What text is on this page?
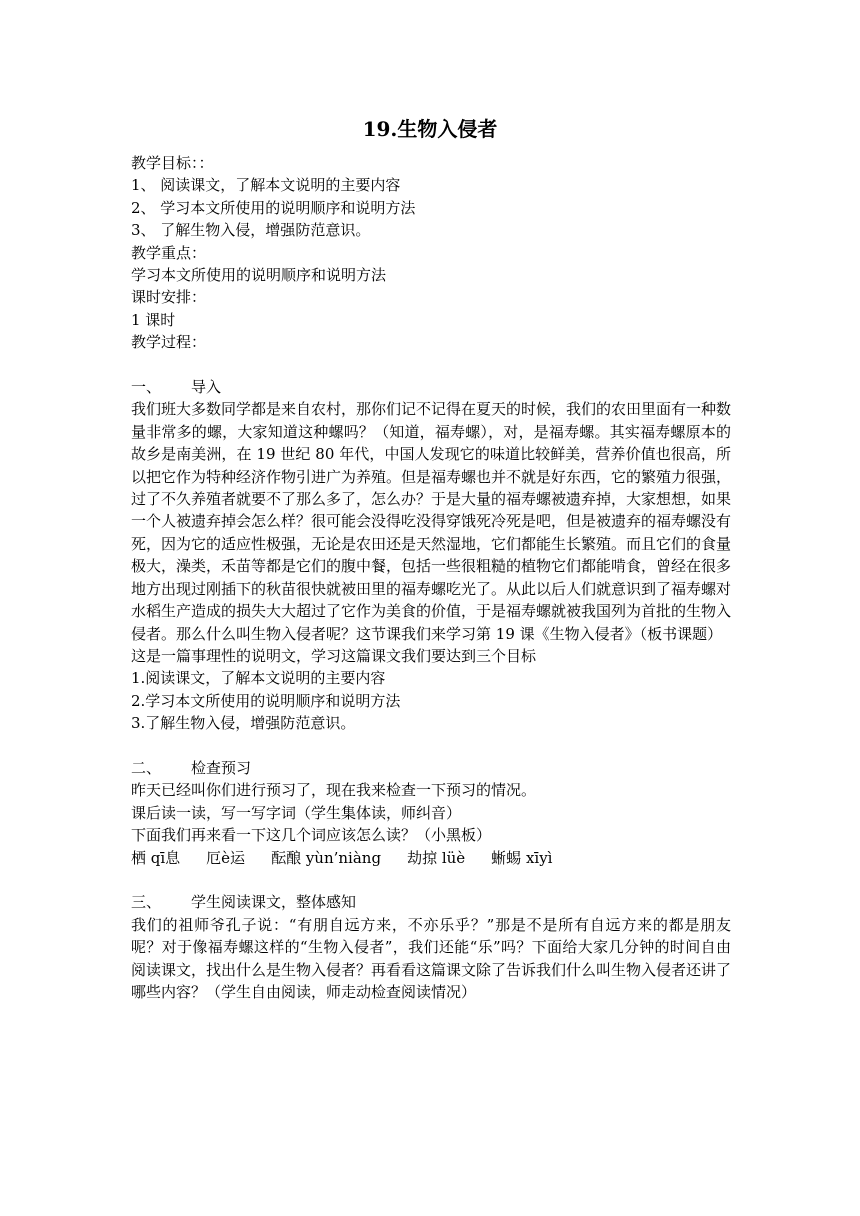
19.生物入侵者
教学目标：：
1、 阅读课文，了解本文说明的主要内容
2、 学习本文所使用的说明顺序和说明方法
3、 了解生物入侵，增强防范意识。
教学重点：
学习本文所使用的说明顺序和说明方法
课时安排：
1 课时
教学过程：
一、 导入
我们班大多数同学都是来自农村，那你们记不记得在夏天的时候，我们的农田里面有一种数量非常多的螺，大家知道这种螺吗？（知道，福寿螺），对，是福寿螺。其实福寿螺原本的故乡是南美洲，在 19 世纪 80 年代，中国人发现它的味道比较鲜美，营养价值也很高，所以把它作为特种经济作物引进广为养殖。但是福寿螺也并不就是好东西，它的繁殖力很强，过了不久养殖者就要不了那么多了，怎么办？于是大量的福寿螺被遗弃掉，大家想想，如果一个人被遗弃掉会怎么样？很可能会没得吃没得穿饿死冷死是吧，但是被遗弃的福寿螺没有死，因为它的适应性极强，无论是农田还是天然湿地，它们都能生长繁殖。而且它们的食量极大，澡类，禾苗等都是它们的腹中餐，包括一些很粗糙的植物它们都能啃食，曾经在很多地方出现过刚插下的秋苗很快就被田里的福寿螺吃光了。从此以后人们就意识到了福寿螺对水稻生产造成的损失大大超过了它作为美食的价值，于是福寿螺就被我国列为首批的生物入侵者。那么什么叫生物入侵者呢？这节课我们来学习第 19 课《生物入侵者》（板书课题）
这是一篇事理性的说明文，学习这篇课文我们要达到三个目标
1.阅读课文，了解本文说明的主要内容
2.学习本文所使用的说明顺序和说明方法
3.了解生物入侵，增强防范意识。
二、 检查预习
昨天已经叫你们进行预习了，现在我来检查一下预习的情况。
课后读一读，写一写字词（学生集体读，师纠音）
下面我们再来看一下这几个词应该怎么读？（小黑板）
栖 qī息 厄è运 酝酿 yùn’niàng 劫掠 lüè 蜥蜴 xīyì
三、 学生阅读课文，整体感知
我们的祖师爷孔子说：“有朋自远方来，不亦乐乎？”那是不是所有自远方来的都是朋友呢？对于像福寿螺这样的“生物入侵者”，我们还能“乐”吗？下面给大家几分钟的时间自由阅读课文，找出什么是生物入侵者？再看看这篇课文除了告诉我们什么叫生物入侵者还讲了哪些内容？（学生自由阅读，师走动检查阅读情况）
